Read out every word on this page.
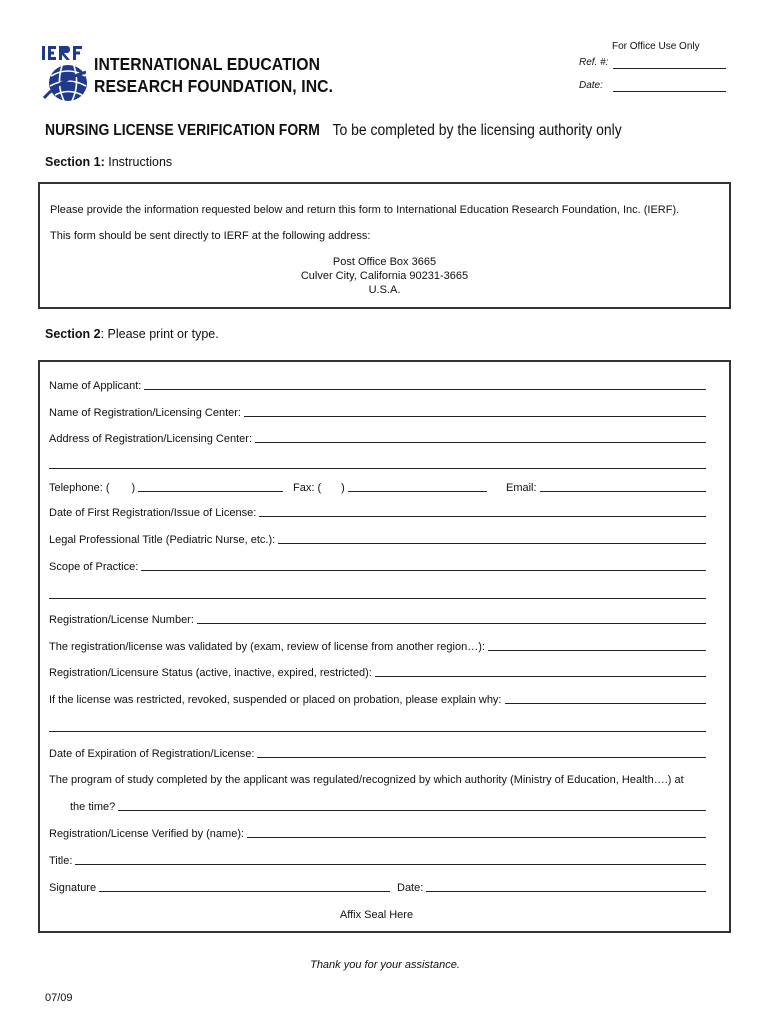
INTERNATIONAL EDUCATION
RESEARCH FOUNDATION, INC.
For Office Use Only
Ref. #:
Date:
NURSING LICENSE VERIFICATION FORM To be completed by the licensing authority only
Section 1: Instructions
Please provide the information requested below and return this form to International Education Research Foundation, Inc. (IERF).
This form should be sent directly to IERF at the following address:
Post Office Box 3665
Culver City, California 90231-3665
U.S.A.
Section 2: Please print or type.
Name of Applicant:
Name of Registration/Licensing Center:
Address of Registration/Licensing Center:
Telephone: ( )	Fax: ( )	Email:
Date of First Registration/Issue of License:
Legal Professional Title (Pediatric Nurse, etc.):
Scope of Practice:
Registration/License Number:
The registration/license was validated by (exam, review of license from another region…):
Registration/Licensure Status (active, inactive, expired, restricted):
If the license was restricted, revoked, suspended or placed on probation, please explain why:
Date of Expiration of Registration/License:
The program of study completed by the applicant was regulated/recognized by which authority (Ministry of Education, Health….) at
the time?
Registration/License Verified by (name):
Title:
Signature	Date:
Affix Seal Here
Thank you for your assistance.
07/09
